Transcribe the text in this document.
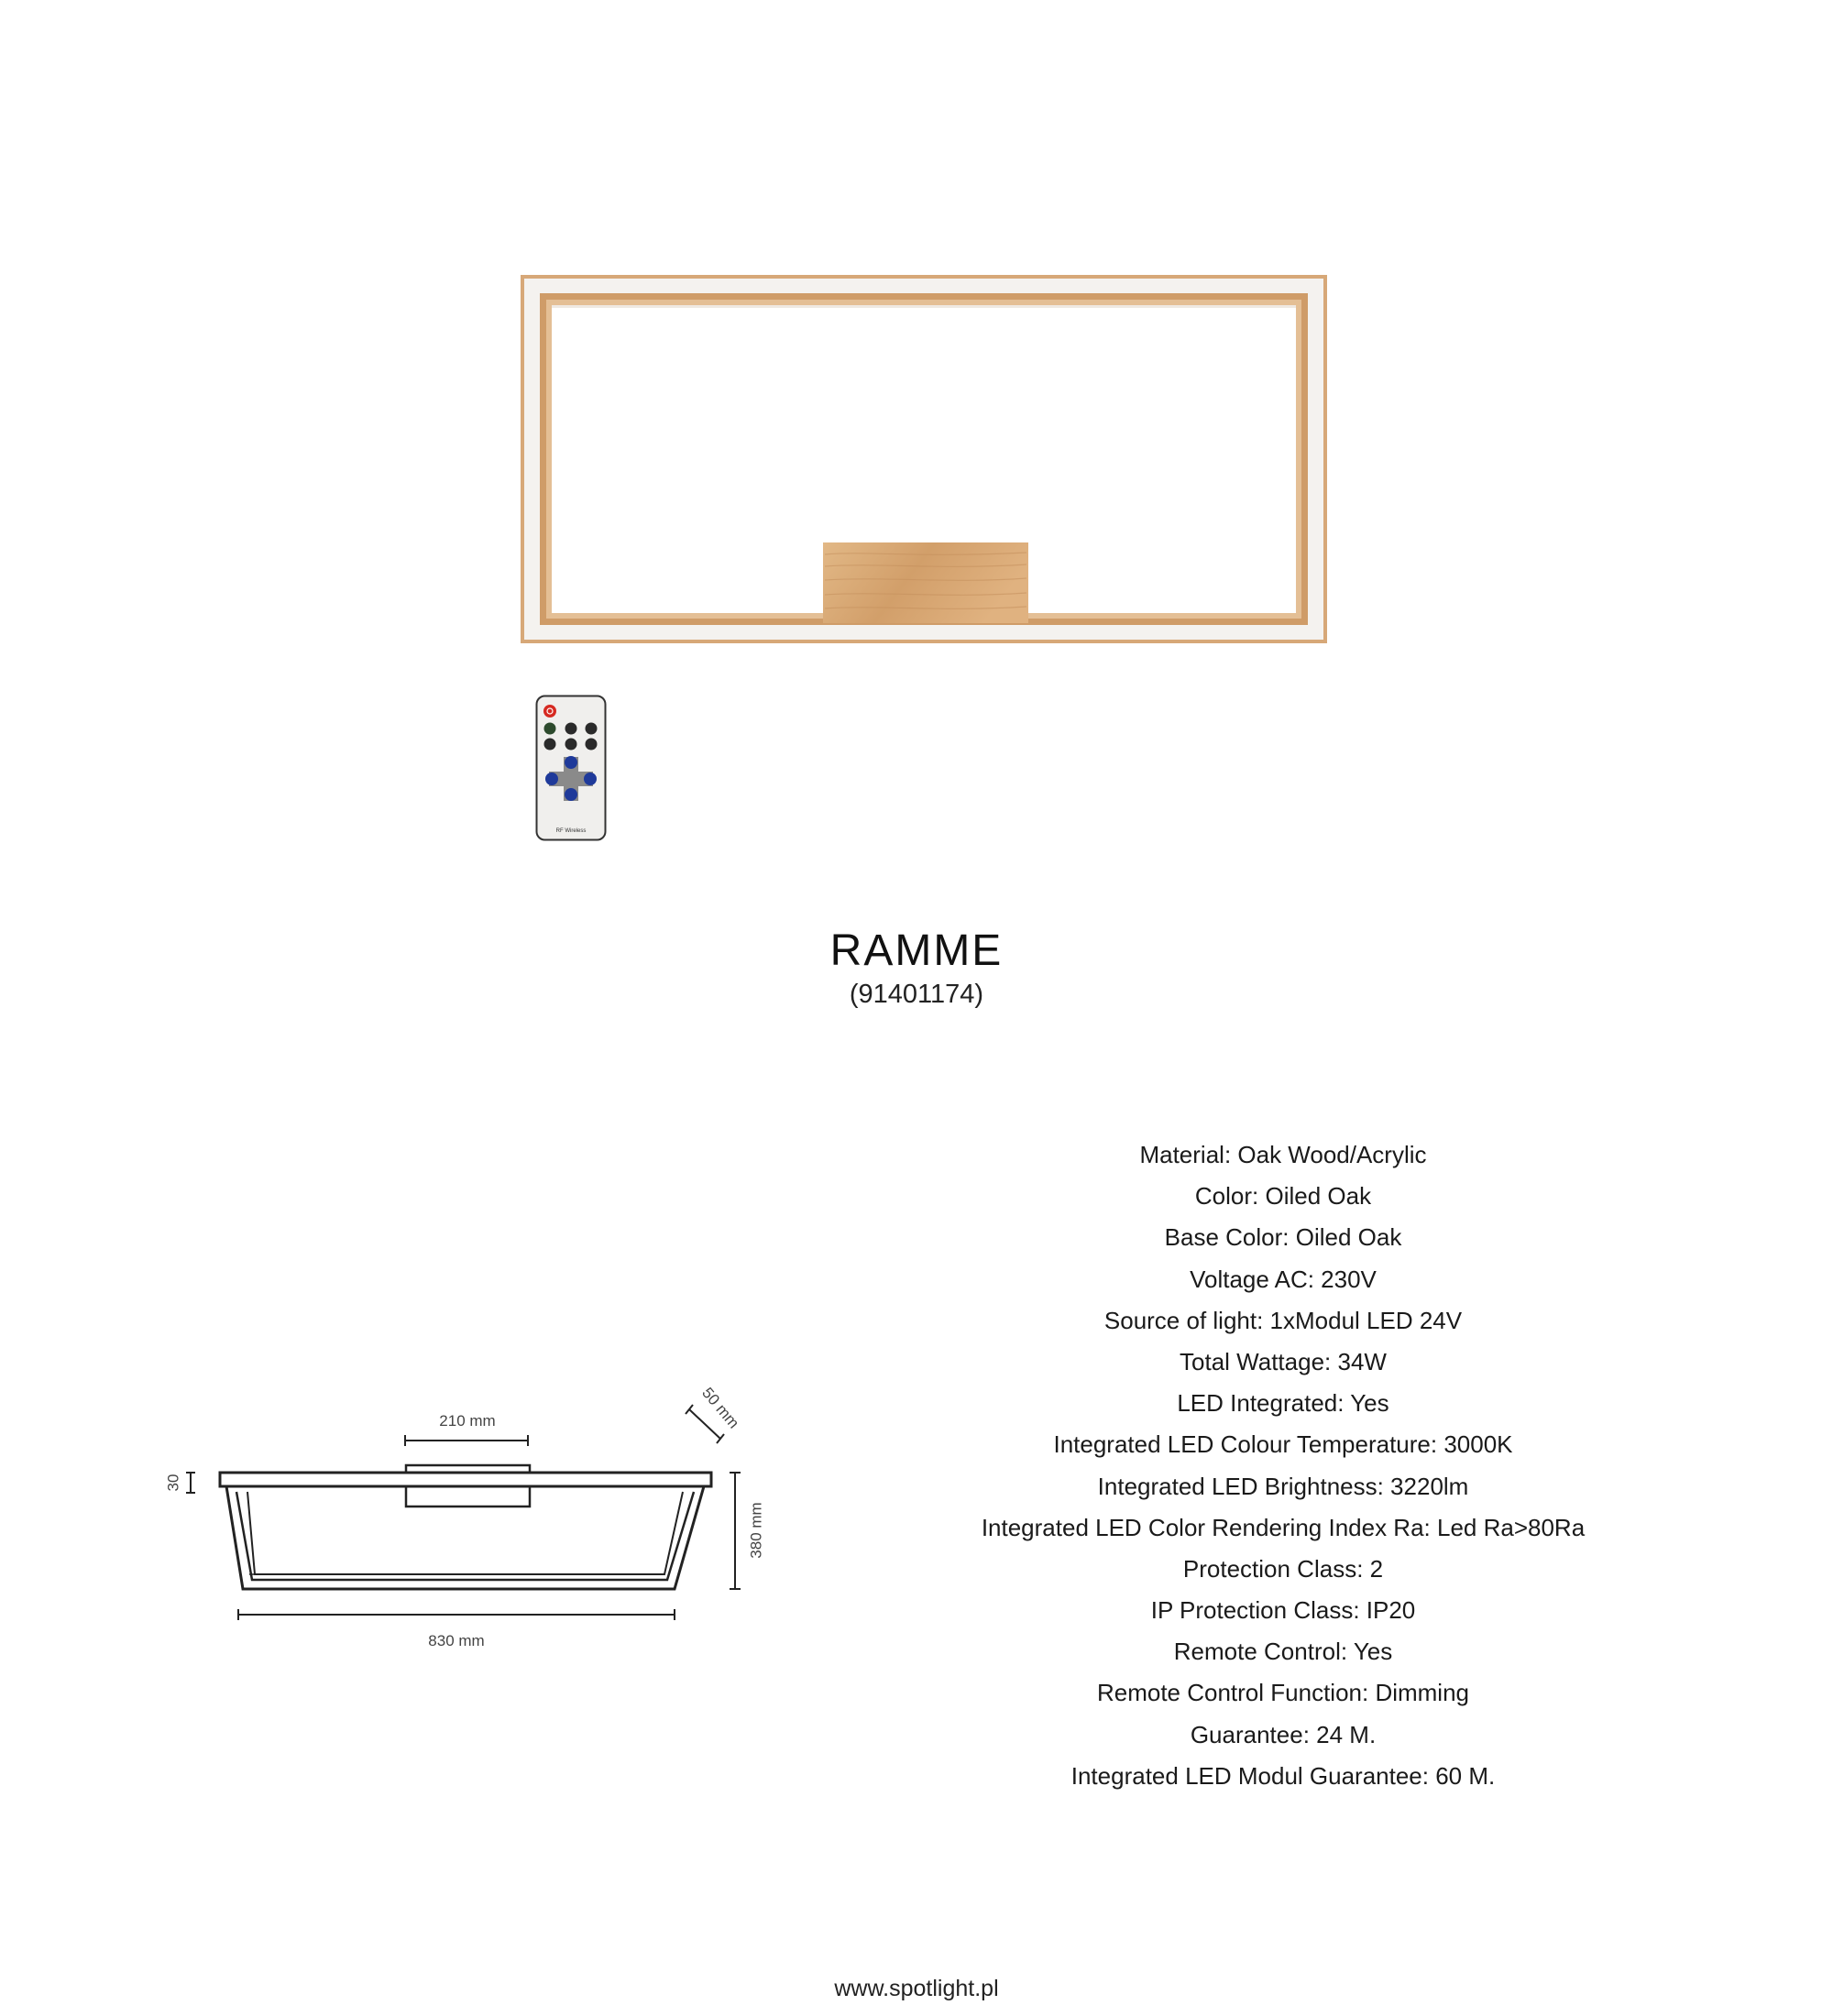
RF Wireless
RAMME
(91401174)
30
210 mm	50 mm
380 mm
830 mm
Material: Oak Wood/Acrylic
Color: Oiled Oak
Base Color: Oiled Oak
Voltage AC: 230V
Source of light: 1xModul LED 24V
Total Wattage: 34W
LED Integrated: Yes
Integrated LED Colour Temperature: 3000K
Integrated LED Brightness: 3220lm
Integrated LED Color Rendering Index Ra: Led Ra>80Ra
Protection Class: 2
IP Protection Class: IP20
Remote Control: Yes
Remote Control Function: Dimming
Guarantee: 24 M.
Integrated LED Modul Guarantee: 60 M.
www.spotlight.pl
